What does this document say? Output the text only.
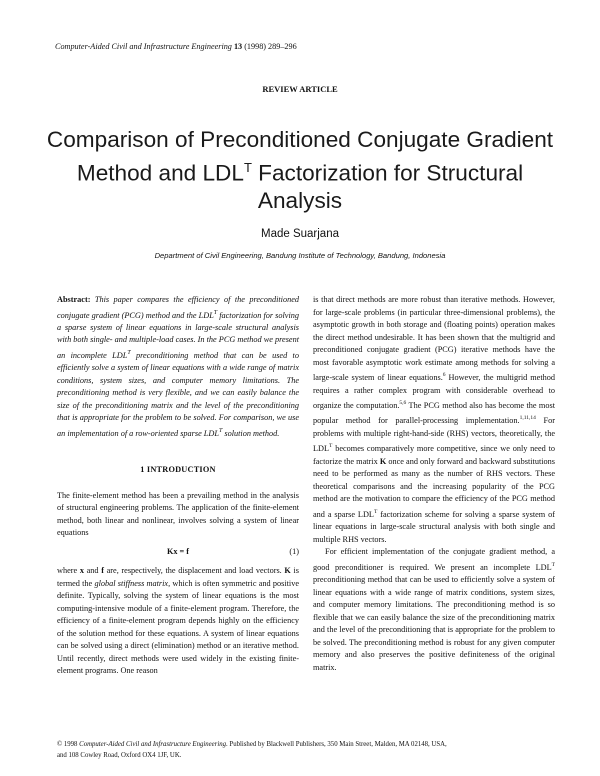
Computer-Aided Civil and Infrastructure Engineering 13 (1998) 289–296
REVIEW ARTICLE
Comparison of Preconditioned Conjugate Gradient
Method and $LDL^T$ Factorization for Structural
Analysis
Made Suarjana
Department of Civil Engineering, Bandung Institute of Technology, Bandung, Indonesia

Abstract: This paper compares the efficiency of the preconditioned conjugate gradient (PCG) method and the $LDL^T$ factorization for solving a sparse system of linear equations in large-scale structural analysis with both single- and multiple-load cases. In the PCG method we present an incomplete $LDL^T$ preconditioning method that can be used to efficiently solve a system of linear equations with a wide range of matrix conditions, system sizes, and computer memory limitations. The preconditioning method is very flexible, and we can easily balance the size of the preconditioning matrix and the level of the preconditioning that is appropriate for the problem to be solved. For comparison, we use an implementation of a row-oriented sparse $LDL^T$ solution method.

1 INTRODUCTION

The finite-element method has been a prevailing method in the analysis of structural engineering problems. The application of the finite-element method, both linear and nonlinear, involves solving a system of linear equations

Kx = f	(1)

where x and f are, respectively, the displacement and load vectors. K is termed the global stiffness matrix, which is often symmetric and positive definite. Typically, solving the system of linear equations is the most computing-intensive module of a finite-element program. Therefore, the efficiency of a finite-element program depends highly on the efficiency of the solution method for these equations. A system of linear equations can be solved using a direct (elimination) method or an iterative method. Until recently, direct methods were used widely in the existing finite-element programs. One reason

is that direct methods are more robust than iterative methods. However, for large-scale problems (in particular three-dimensional problems), the asymptotic growth in both storage and (floating points) operation makes the direct method undesirable. It has been shown that the multigrid and preconditioned conjugate gradient (PCG) iterative methods have the most favorable asymptotic work estimate among methods for solving a large-scale system of linear equations.$^6$ However, the multigrid method requires a rather complex program with considerable overhead to organize the computation.$^{5,6}$ The PCG method also has become the most popular method for parallel-processing implementation.$^{1,11,14}$ For problems with multiple right-hand-side (RHS) vectors, theoretically, the $LDL^T$ becomes comparatively more competitive, since we only need to factorize the matrix K once and only forward and backward substitutions need to be performed as many as the number of RHS vectors. These theoretical comparisons and the increasing popularity of the PCG method are the motivation to compare the efficiency of the PCG method and a sparse $LDL^T$ factorization scheme for solving a sparse system of linear equations in large-scale structural analysis with both single and multiple RHS vectors.

For efficient implementation of the conjugate gradient method, a good preconditioner is required. We present an incomplete $LDL^T$ preconditioning method that can be used to efficiently solve a system of linear equations with a wide range of matrix conditions, system sizes, and computer memory limitations. The preconditioning method is so flexible that we can easily balance the size of the preconditioning matrix and the level of the preconditioning that is appropriate for the problem to be solved. The preconditioning method is robust for any given computer memory and also preserves the positive definiteness of the original matrix.

© 1998 Computer-Aided Civil and Infrastructure Engineering. Published by Blackwell Publishers, 350 Main Street, Malden, MA 02148, USA,
and 108 Cowley Road, Oxford OX4 1JF, UK.
